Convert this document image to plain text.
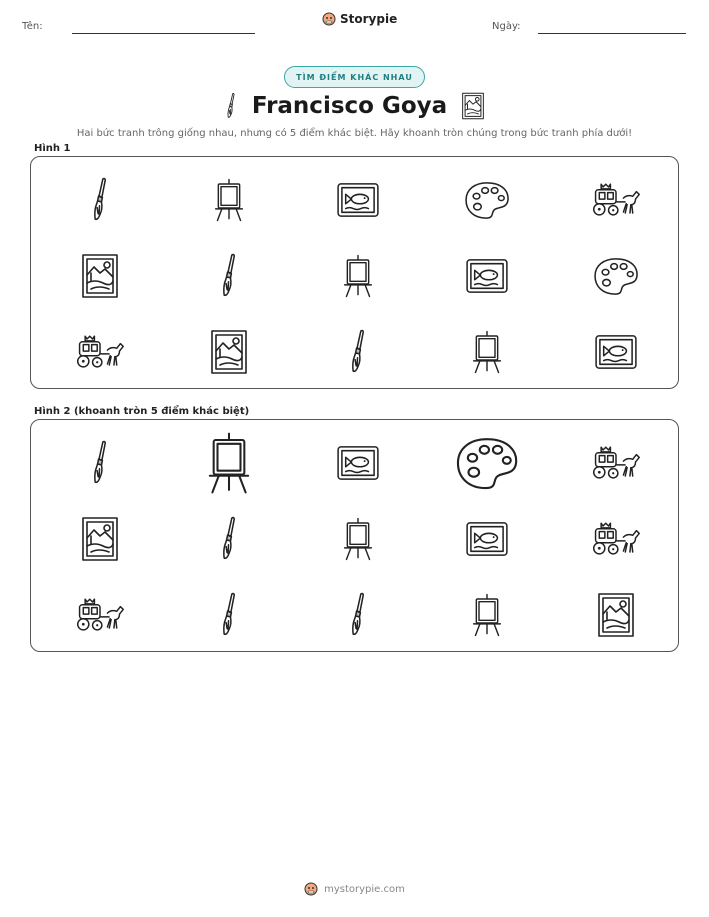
Tên:
Storypie
Ngày:
TÌM ĐIỂM KHÁC NHAU
Francisco Goya
Hai bức tranh trông giống nhau, nhưng có 5 điểm khác biệt. Hãy khoanh tròn chúng trong bức tranh phía dưới!
Hình 1
Hình 2 (khoanh tròn 5 điểm khác biệt)
mystorypie.com
